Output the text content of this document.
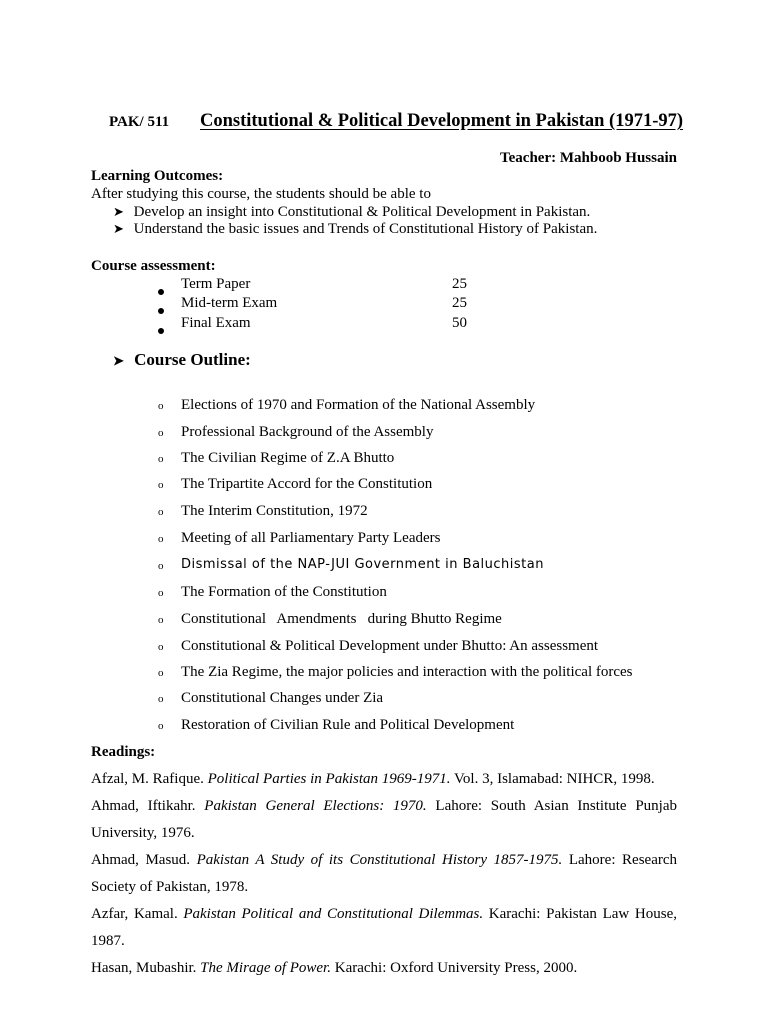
PAK/ 511 Constitutional & Political Development in Pakistan (1971-97)
Teacher: Mahboob Hussain
Learning Outcomes:
After studying this course, the students should be able to
➤ Develop an insight into Constitutional & Political Development in Pakistan.
➤ Understand the basic issues and Trends of Constitutional History of Pakistan.
Course assessment:
Term Paper	25
Mid-term Exam	25
Final Exam	50
➤ Course Outline:
o Elections of 1970 and Formation of the National Assembly
o Professional Background of the Assembly
o The Civilian Regime of Z.A Bhutto
o The Tripartite Accord for the Constitution
o The Interim Constitution, 1972
o Meeting of all Parliamentary Party Leaders
o Dismissal of the NAP-JUI Government in Baluchistan
o The Formation of the Constitution
o Constitutional   Amendments   during Bhutto Regime
o Constitutional & Political Development under Bhutto: An assessment
o The Zia Regime, the major policies and interaction with the political forces
o Constitutional Changes under Zia
o Restoration of Civilian Rule and Political Development
Readings:
Afzal, M. Rafique. Political Parties in Pakistan 1969-1971. Vol. 3, Islamabad: NIHCR, 1998.
Ahmad, Iftikahr. Pakistan General Elections: 1970. Lahore: South Asian Institute Punjab University, 1976.
Ahmad, Masud. Pakistan A Study of its Constitutional History 1857-1975. Lahore: Research Society of Pakistan, 1978.
Azfar, Kamal. Pakistan Political and Constitutional Dilemmas. Karachi: Pakistan Law House, 1987.
Hasan, Mubashir. The Mirage of Power. Karachi: Oxford University Press, 2000.
